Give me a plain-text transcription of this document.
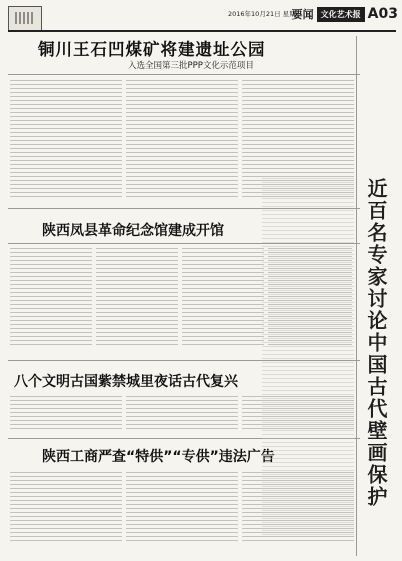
2016年10月21日 星期五
要闻 文化艺术报 A03
铜川王石凹煤矿将建遗址公园
入选全国第三批PPP文化示范项目
陕西凤县革命纪念馆建成开馆
八个文明古国紫禁城里夜话古代复兴
陕西工商严查“特供”“专供”违法广告	近百名专家讨论中国古代壁画保护
